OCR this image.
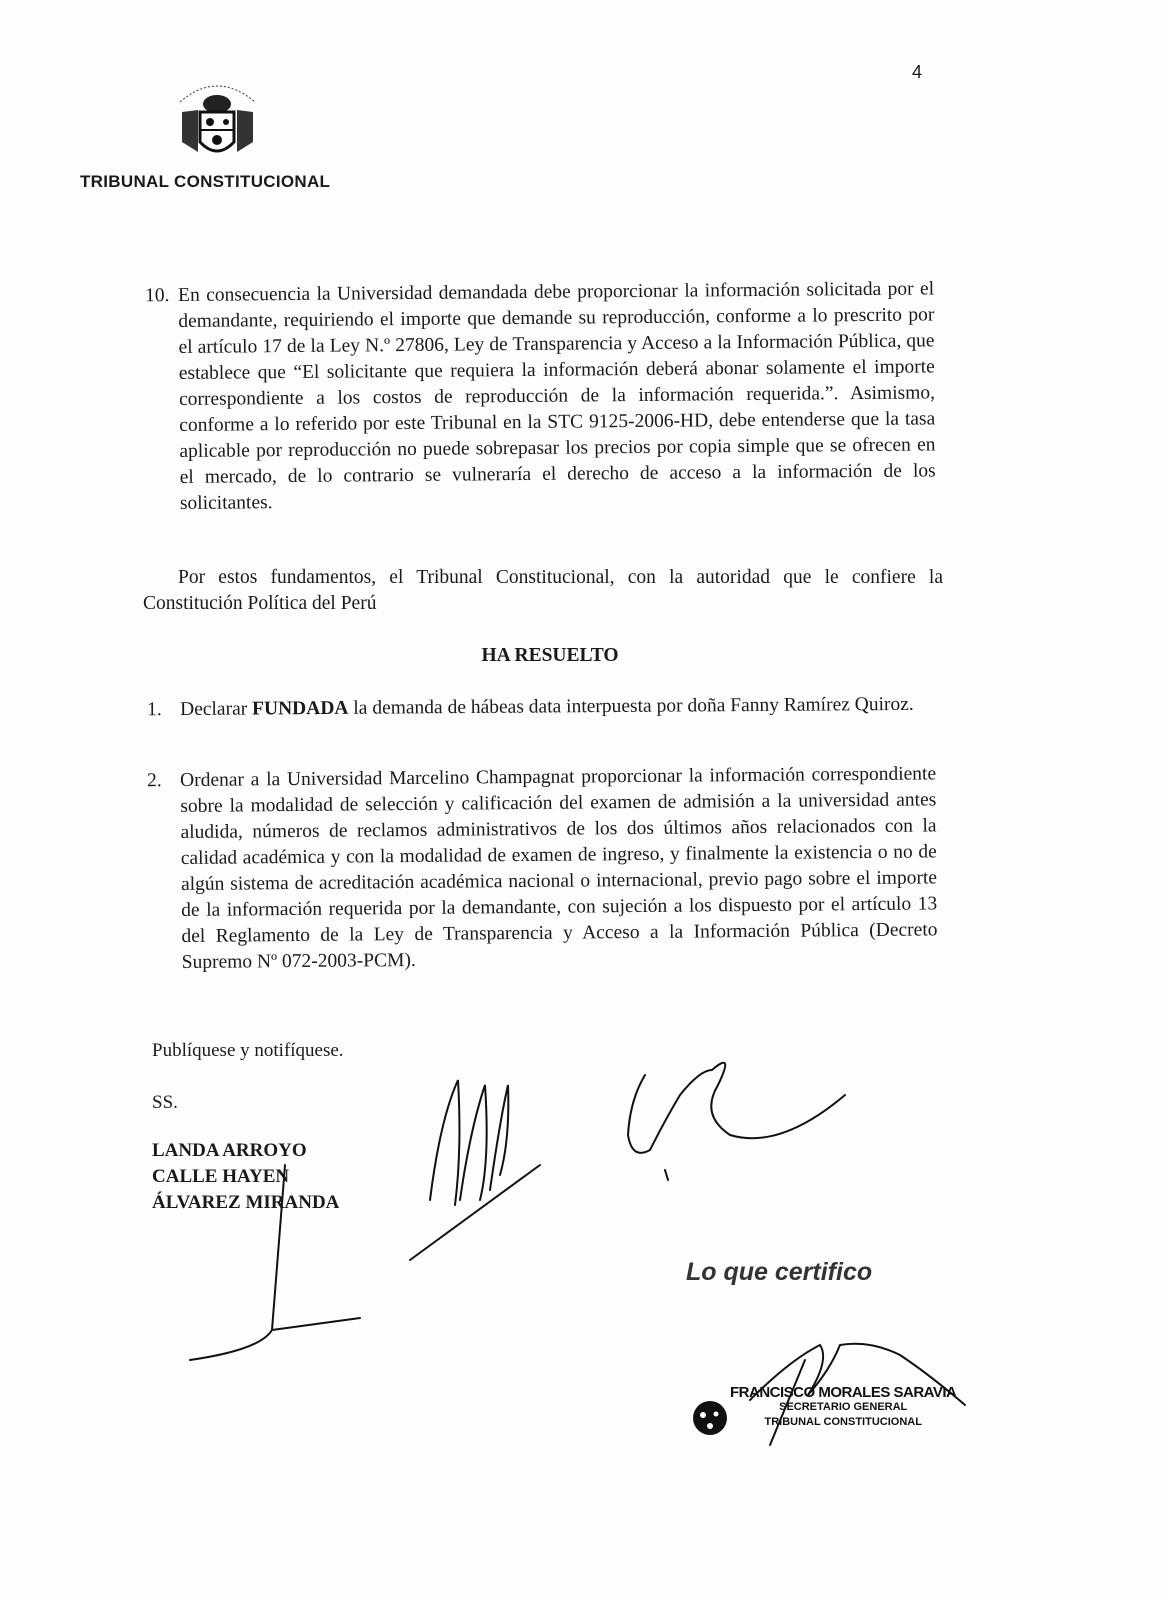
4
TRIBUNAL CONSTITUCIONAL
10. En consecuencia la Universidad demandada debe proporcionar la información solicitada por el demandante, requiriendo el importe que demande su reproducción, conforme a lo prescrito por el artículo 17 de la Ley N.º 27806, Ley de Transparencia y Acceso a la Información Pública, que establece que “El solicitante que requiera la información deberá abonar solamente el importe correspondiente a los costos de reproducción de la información requerida.”. Asimismo, conforme a lo referido por este Tribunal en la STC 9125-2006-HD, debe entenderse que la tasa aplicable por reproducción no puede sobrepasar los precios por copia simple que se ofrecen en el mercado, de lo contrario se vulneraría el derecho de acceso a la información de los solicitantes.
Por estos fundamentos, el Tribunal Constitucional, con la autoridad que le confiere la Constitución Política del Perú
HA RESUELTO
1. Declarar FUNDADA la demanda de hábeas data interpuesta por doña Fanny Ramírez Quiroz.
2. Ordenar a la Universidad Marcelino Champagnat proporcionar la información correspondiente sobre la modalidad de selección y calificación del examen de admisión a la universidad antes aludida, números de reclamos administrativos de los dos últimos años relacionados con la calidad académica y con la modalidad de examen de ingreso, y finalmente la existencia o no de algún sistema de acreditación académica nacional o internacional, previo pago sobre el importe de la información requerida por la demandante, con sujeción a los dispuesto por el artículo 13 del Reglamento de la Ley de Transparencia y Acceso a la Información Pública (Decreto Supremo Nº 072-2003-PCM).
Publíquese y notifíquese.
SS.
LANDA ARROYO
CALLE HAYEN
ÁLVAREZ MIRANDA
Lo que certifico
FRANCISCO MORALES SARAVIA
SECRETARIO GENERAL
TRIBUNAL CONSTITUCIONAL
